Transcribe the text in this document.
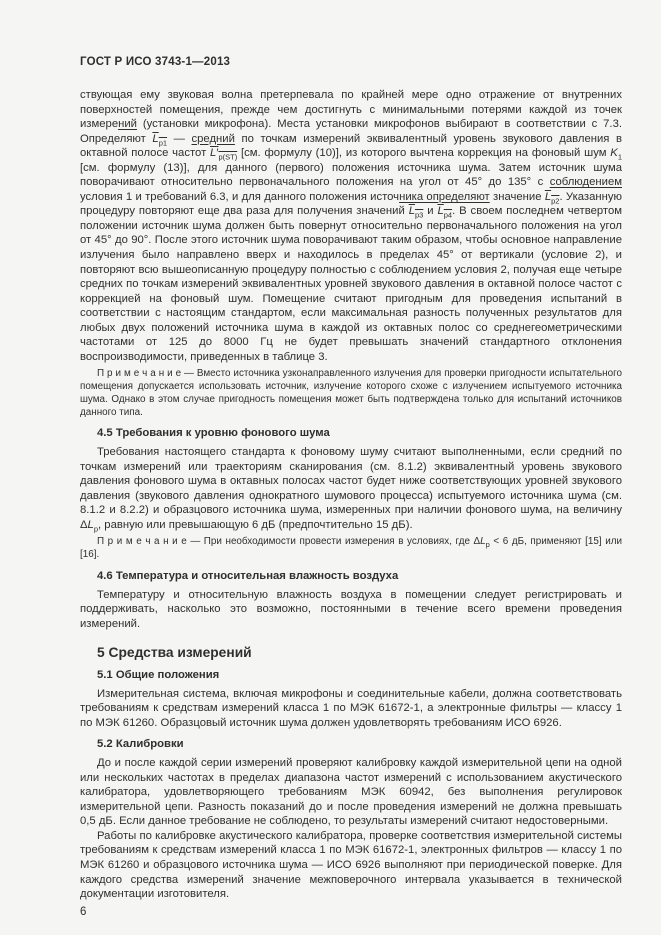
ГОСТ Р ИСО 3743-1—2013

ствующая ему звуковая волна претерпевала по крайней мере одно отражение от внутренних поверхностей помещения, прежде чем достигнуть с минимальными потерями каждой из точек измерений (установки микрофона). Места установки микрофонов выбирают в соответствии с 7.3. Определяют $L_{p1}$ — средний по точкам измерений эквивалентный уровень звукового давления в октавной полосе частот $L'_{p(ST)}$ [см. формулу (10)], из которого вычтена коррекция на фоновый шум $K_1$ [см. формулу (13)], для данного (первого) положения источника шума. Затем источник шума поворачивают относительно первоначального положения на угол от 45° до 135° с соблюдением условия 1 и требований 6.3, и для данного положения источника определяют значение $L_{p2}$. Указанную процедуру повторяют еще два раза для получения значений $L_{p3}$ и $L_{p4}$. В своем последнем четвертом положении источник шума должен быть повернут относительно первоначального положения на угол от 45° до 90°. После этого источник шума поворачивают таким образом, чтобы основное направление излучения было направлено вверх и находилось в пределах 45° от вертикали (условие 2), и повторяют всю вышеописанную процедуру полностью с соблюдением условия 2, получая еще четыре средних по точкам измерений эквивалентных уровней звукового давления в октавной полосе частот с коррекцией на фоновый шум. Помещение считают пригодным для проведения испытаний в соответствии с настоящим стандартом, если максимальная разность полученных результатов для любых двух положений источника шума в каждой из октавных полос со среднегеометрическими частотами от 125 до 8000 Гц не будет превышать значений стандартного отклонения воспроизводимости, приведенных в таблице 3.

П р и м е ч а н и е — Вместо источника узконаправленного излучения для проверки пригодности испытательного помещения допускается использовать источник, излучение которого схоже с излучением испытуемого источника шума. Однако в этом случае пригодность помещения может быть подтверждена только для испытаний источников данного типа.

4.5 Требования к уровню фонового шума

Требования настоящего стандарта к фоновому шуму считают выполненными, если средний по точкам измерений или траекториям сканирования (см. 8.1.2) эквивалентный уровень звукового давления фонового шума в октавных полосах частот будет ниже соответствующих уровней звукового давления (звукового давления однократного шумового процесса) испытуемого источника шума (см. 8.1.2 и 8.2.2) и образцового источника шума, измеренных при наличии фонового шума, на величину $\Delta L_p$, равную или превышающую 6 дБ (предпочтительно 15 дБ).

П р и м е ч а н и е — При необходимости провести измерения в условиях, где $\Delta L_p < 6$ дБ, применяют [15] или [16].

4.6 Температура и относительная влажность воздуха

Температуру и относительную влажность воздуха в помещении следует регистрировать и поддерживать, насколько это возможно, постоянными в течение всего времени проведения измерений.

5 Средства измерений
5.1 Общие положения

Измерительная система, включая микрофоны и соединительные кабели, должна соответствовать требованиям к средствам измерений класса 1 по МЭК 61672-1, а электронные фильтры — классу 1 по МЭК 61260. Образцовый источник шума должен удовлетворять требованиям ИСО 6926.

5.2 Калибровки

До и после каждой серии измерений проверяют калибровку каждой измерительной цепи на одной или нескольких частотах в пределах диапазона частот измерений с использованием акустического калибратора, удовлетворяющего требованиям МЭК 60942, без выполнения регулировок измерительной цепи. Разность показаний до и после проведения измерений не должна превышать 0,5 дБ. Если данное требование не соблюдено, то результаты измерений считают недостоверными.

Работы по калибровке акустического калибратора, проверке соответствия измерительной системы требованиям к средствам измерений класса 1 по МЭК 61672-1, электронных фильтров — классу 1 по МЭК 61260 и образцового источника шума — ИСО 6926 выполняют при периодической поверке. Для каждого средства измерений значение межповерочного интервала указывается в технической документации изготовителя.

6
